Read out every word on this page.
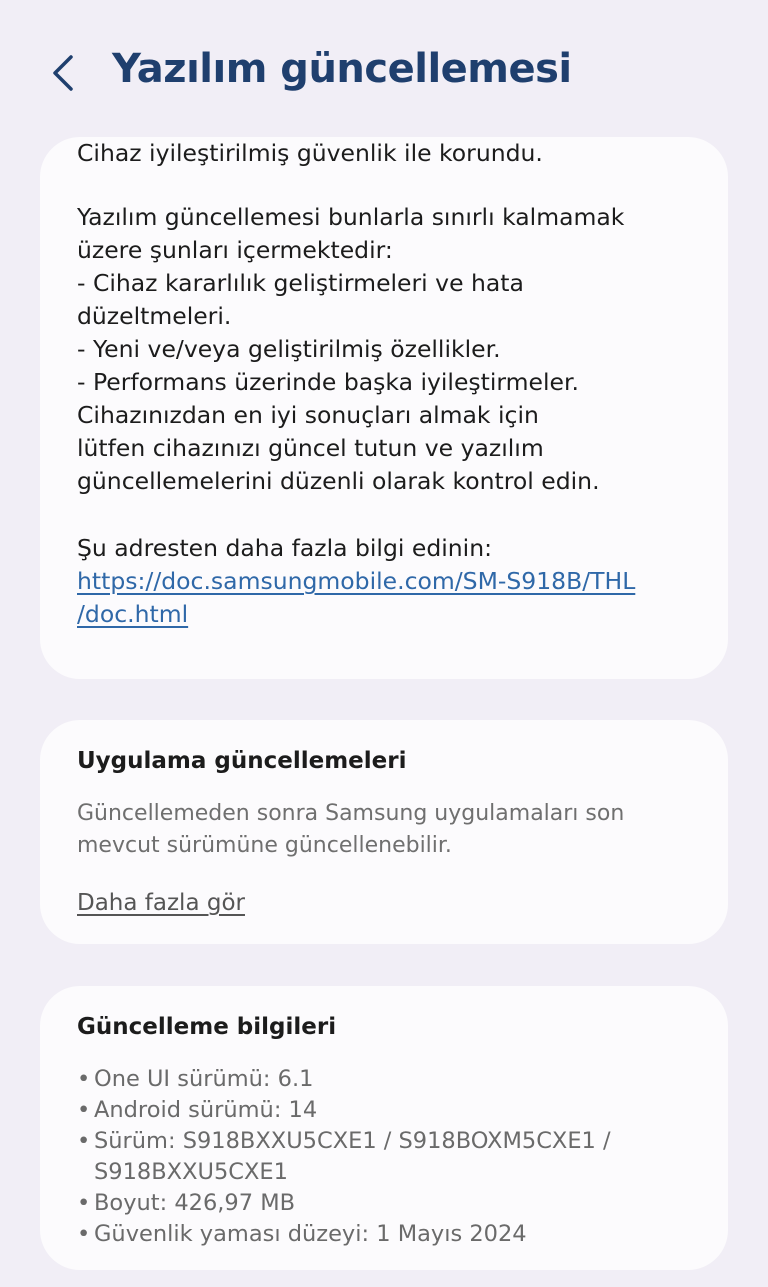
Yazılım güncellemesi
Cihaz iyileştirilmiş güvenlik ile korundu.
Yazılım güncellemesi bunlarla sınırlı kalmamak
üzere şunları içermektedir:
- Cihaz kararlılık geliştirmeleri ve hata
düzeltmeleri.
- Yeni ve/veya geliştirilmiş özellikler.
- Performans üzerinde başka iyileştirmeler.
Cihazınızdan en iyi sonuçları almak için
lütfen cihazınızı güncel tutun ve yazılım
güncellemelerini düzenli olarak kontrol edin.
Şu adresten daha fazla bilgi edinin:
https://doc.samsungmobile.com/SM-S918B/THL
/doc.html
Uygulama güncellemeleri
Güncellemeden sonra Samsung uygulamaları son
mevcut sürümüne güncellenebilir.
Daha fazla gör
Güncelleme bilgileri
• One UI sürümü: 6.1
• Android sürümü: 14
• Sürüm: S918BXXU5CXE1 / S918BOXM5CXE1 /
S918BXXU5CXE1
• Boyut: 426,97 MB
• Güvenlik yaması düzeyi: 1 Mayıs 2024
